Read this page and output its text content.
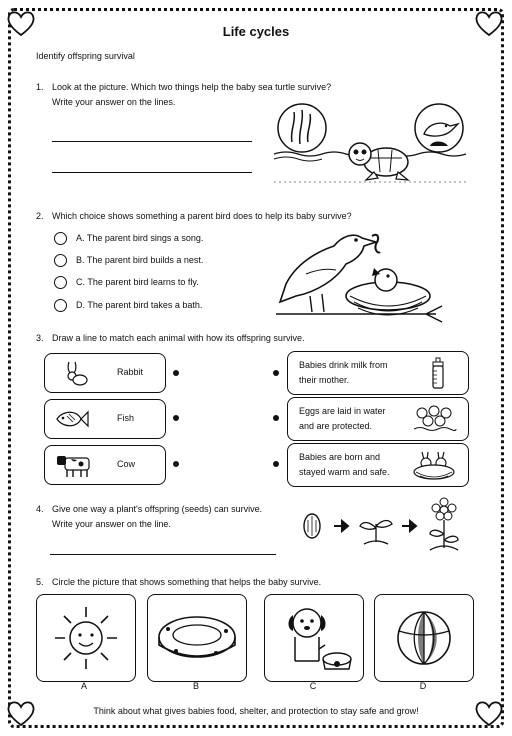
Life cycles
Identify offspring survival
1. Look at the picture. Which two things help the baby sea turtle survive?
Write your answer on the lines.
2. Which choice shows something a parent bird does to help its baby survive?
A. The parent bird sings a song.
B. The parent bird builds a nest.
C. The parent bird learns to fly.
D. The parent bird takes a bath.
3. Draw a line to match each animal with how its offspring survive.
Rabbit
Fish
Cow
Babies drink milk from
their mother.
Eggs are laid in water
and are protected.
Babies are born and
stayed warm and safe.
4. Give one way a plant's offspring (seeds) can survive.
Write your answer on the line.
5. Circle the picture that shows something that helps the baby survive.
A	B	C	D
Think about what gives babies food, shelter, and protection to stay safe and grow!
